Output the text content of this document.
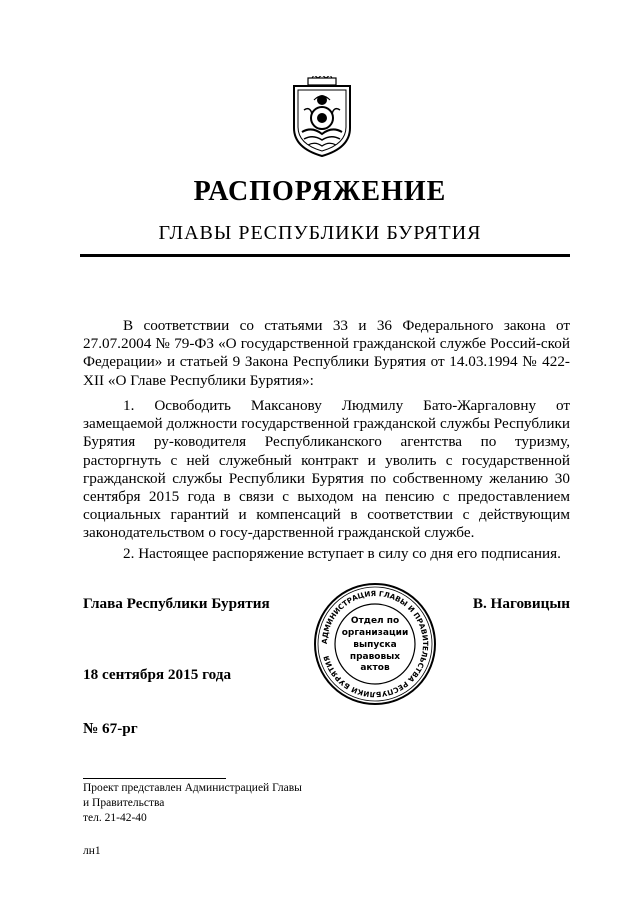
РАСПОРЯЖЕНИЕ
ГЛАВЫ РЕСПУБЛИКИ БУРЯТИЯ
В соответствии со статьями 33 и 36 Федерального закона от 27.07.2004 № 79-ФЗ «О государственной гражданской службе Россий-ской Федерации» и статьей 9 Закона Республики Бурятия от 14.03.1994 № 422-XII «О Главе Республики Бурятия»:
1. Освободить Максанову Людмилу Бато-Жаргаловну от замещаемой должности государственной гражданской службы Республики Бурятия ру-ководителя Республиканского агентства по туризму, расторгнуть с ней служебный контракт и уволить с государственной гражданской службы Республики Бурятия по собственному желанию 30 сентября 2015 года в связи с выходом на пенсию с предоставлением социальных гарантий и компенсаций в соответствии с действующим законодательством о госу-дарственной гражданской службе.
2. Настоящее распоряжение вступает в силу со дня его подписания.
Глава Республики Бурятия	В. Наговицын
АДМИНИСТРАЦИЯ ГЛАВЫ И ПРАВИТЕЛЬСТВА РЕСПУБЛИКИ БУРЯТИЯ
Отдел по
организации
выпуска
правовых
актов
18 сентября 2015 года
№ 67-рг
Проект представлен Администрацией Главы
и Правительства
тел. 21-42-40
лн1
